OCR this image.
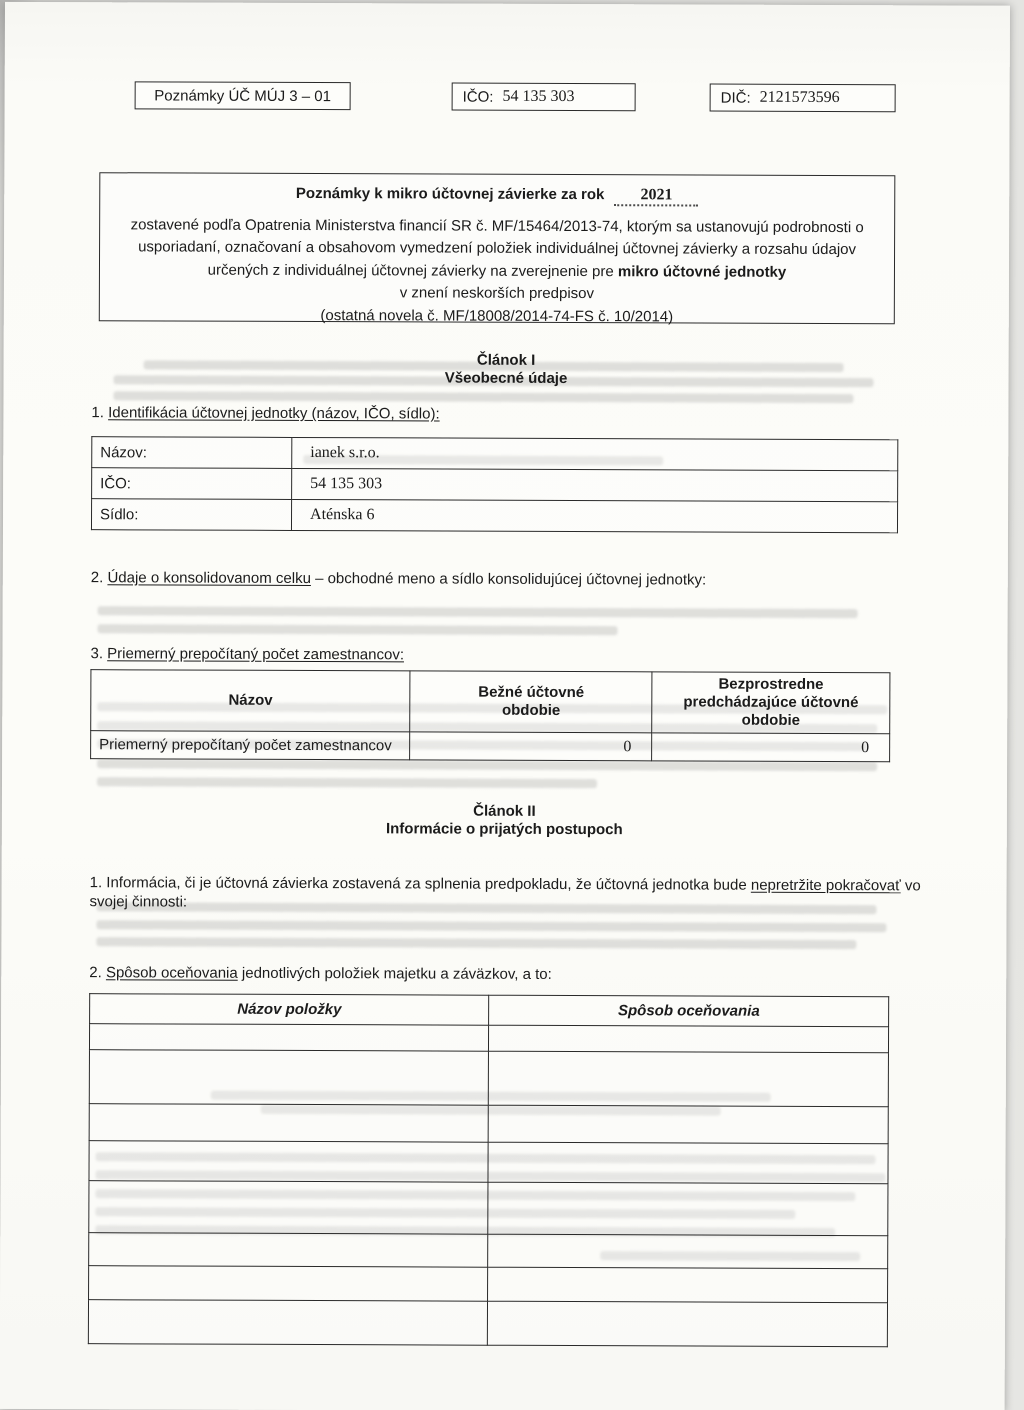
Poznámky ÚČ MÚJ 3 – 01	IČO: 54 135 303	DIČ: 2121573596
Poznámky k mikro účtovnej závierke za rok 2021
zostavené podľa Opatrenia Ministerstva financií SR č. MF/15464/2013-74, ktorým sa ustanovujú podrobnosti o usporiadaní, označovaní a obsahovom vymedzení položiek individuálnej účtovnej závierky a rozsahu údajov určených z individuálnej účtovnej závierky na zverejnenie pre mikro účtovné jednotky
v znení neskorších predpisov
(ostatná novela č. MF/18008/2014-74-FS č. 10/2014)
Článok I
Všeobecné údaje
1. Identifikácia účtovnej jednotky (názov, IČO, sídlo):
Názov:	ianek s.r.o.
IČO:	54 135 303
Sídlo:	Aténska 6
2. Údaje o konsolidovanom celku – obchodné meno a sídlo konsolidujúcej účtovnej jednotky:
3. Priemerný prepočítaný počet zamestnancov:
Názov	Bežné účtovné obdobie	Bezprostredne predchádzajúce účtovné obdobie
Priemerný prepočítaný počet zamestnancov	0	0
Článok II
Informácie o prijatých postupoch
1. Informácia, či je účtovná závierka zostavená za splnenia predpokladu, že účtovná jednotka bude nepretržite pokračovať vo svojej činnosti:
2. Spôsob oceňovania jednotlivých položiek majetku a záväzkov, a to:
Názov položky	Spôsob oceňovania
